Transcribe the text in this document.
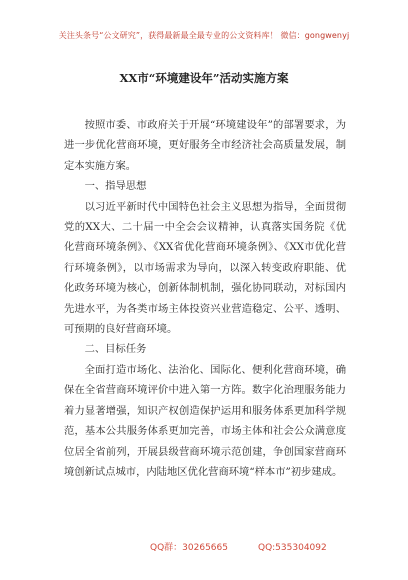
关注头条号“公文研究”，获得最新最全最专业的公文资料库！ 微信：gongwenyj
XX市“环境建设年”活动实施方案

按照市委、市政府关于开展“环境建设年”的部署要求，为进一步优化营商环境，更好服务全市经济社会高质量发展，制定本实施方案。

一、指导思想

以习近平新时代中国特色社会主义思想为指导，全面贯彻党的XX大、二十届一中全会会议精神，认真落实国务院《优化营商环境条例》、《XX省优化营商环境条例》、《XX市优化营行环境条例》，以市场需求为导向，以深入转变政府职能、优化政务环境为核心，创新体制机制，强化协同联动，对标国内先进水平，为各类市场主体投资兴业营造稳定、公平、透明、可预期的良好营商环境。

二、目标任务

全面打造市场化、法治化、国际化、便利化营商环境，确保在全省营商环境评价中进入第一方阵。数字化治理服务能力着力显著增强，知识产权创造保护运用和服务体系更加科学规范，基本公共服务体系更加完善，市场主体和社会公众满意度位居全省前列，开展县级营商环境示范创建，争创国家营商环境创新试点城市，内陆地区优化营商环境“样本市”初步建成。

QQ群：30265665	QQ:535304092
